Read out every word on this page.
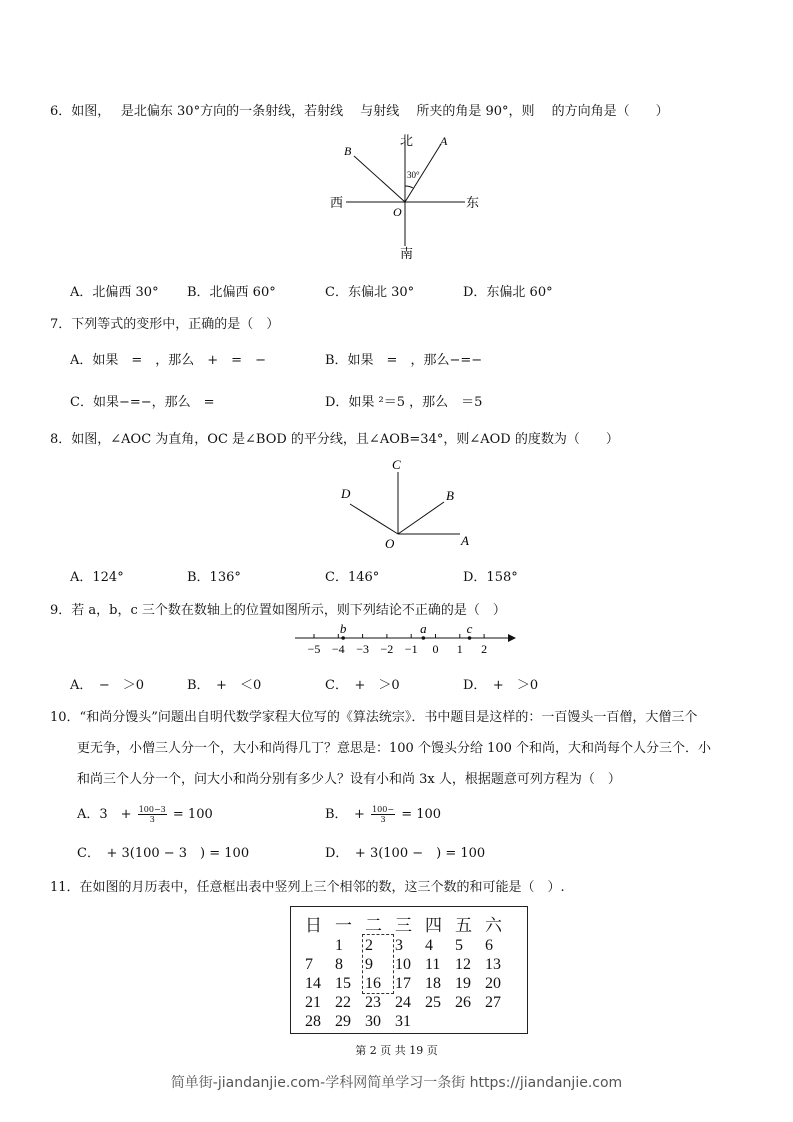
6．如图，　 是北偏东 30°方向的一条射线，若射线　 与射线　 所夹的角是 90°，则　 的方向角是（　　）
北
南
西	东
A
B
O
30°
A．北偏西 30° B．北偏西 60°	C．东偏北 30°	D．东偏北 60°
7．下列等式的变形中，正确的是（　）
A．如果　=　，那么　+　=　−	B．如果　=　，那么−=−
C．如果−=−，那么　=	D．如果 ²＝5 ，那么　＝5
8．如图，∠AOC 为直角，OC 是∠BOD 的平分线，且∠AOB=34°，则∠AOD 的度数为（　　）
C
D	B
O	A
A．124°	B．136°	C．146°	D．158°
9．若 a，b，c 三个数在数轴上的位置如图所示，则下列结论不正确的是（　）
−5 −4 −3 −2 −1 0 1 2
b	a	c
A．　−　＞0	B．　+　＜0	C．　+　＞0	D．　+　＞0
10．“和尚分馒头”问题出自明代数学家程大位写的《算法统宗》．书中题目是这样的：一百馒头一百僧，大僧三个
更无争，小僧三人分一个，大小和尚得几丁？意思是：100 个馒头分给 100 个和尚，大和尚每个人分三个．小
和尚三个人分一个，问大小和尚分别有多少人？设有小和尚 3x 人，根据题意可列方程为（　）
A．3　+ $\frac{100-3}{3} = 100$	B．　+ $\frac{100-}{3} = 100$
C．　+ 3(100 − 3　) = 100	D．　+ 3(100 −　) = 100
11．在如图的月历表中，任意框出表中竖列上三个相邻的数，这三个数的和可能是（　）.
日	一	二	三	四	五	六
	1	2	3	4	5	6
7	8	9	10	11	12	13
14	15	16	17	18	19	20
21	22	23	24	25	26	27
28	29	30	31			
第 2 页 共 19 页
简单街-jiandanjie.com-学科网简单学习一条街 https://jiandanjie.com
